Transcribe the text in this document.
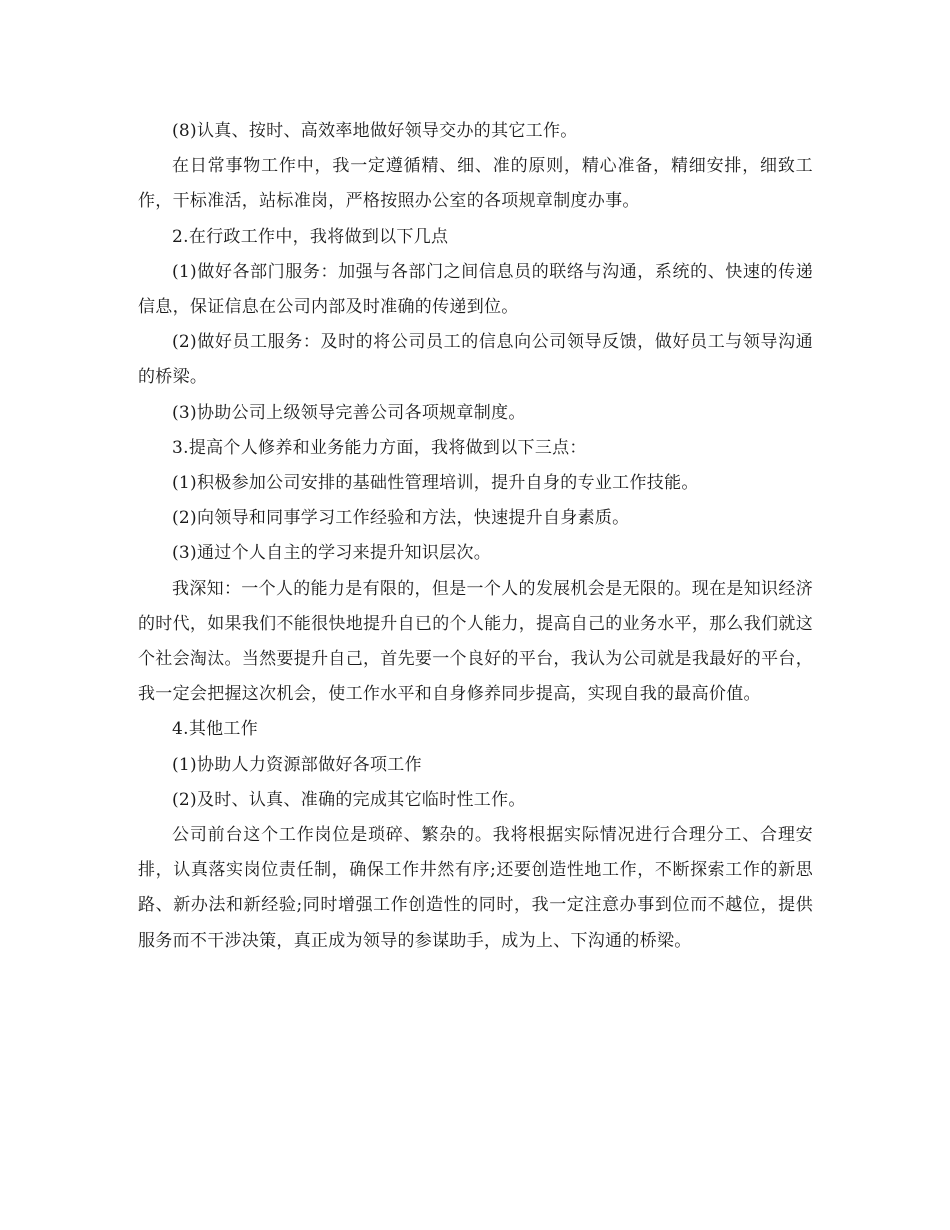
(8)认真、按时、高效率地做好领导交办的其它工作。

在日常事物工作中，我一定遵循精、细、准的原则，精心准备，精细安排，细致工作，干标准活，站标准岗，严格按照办公室的各项规章制度办事。

2.在行政工作中，我将做到以下几点

(1)做好各部门服务：加强与各部门之间信息员的联络与沟通，系统的、快速的传递信息，保证信息在公司内部及时准确的传递到位。

(2)做好员工服务：及时的将公司员工的信息向公司领导反馈，做好员工与领导沟通的桥梁。

(3)协助公司上级领导完善公司各项规章制度。

3.提高个人修养和业务能力方面，我将做到以下三点：

(1)积极参加公司安排的基础性管理培训，提升自身的专业工作技能。

(2)向领导和同事学习工作经验和方法，快速提升自身素质。

(3)通过个人自主的学习来提升知识层次。

我深知：一个人的能力是有限的，但是一个人的发展机会是无限的。现在是知识经济的时代，如果我们不能很快地提升自已的个人能力，提高自己的业务水平，那么我们就这个社会淘汰。当然要提升自己，首先要一个良好的平台，我认为公司就是我最好的平台，我一定会把握这次机会，使工作水平和自身修养同步提高，实现自我的最高价值。

4.其他工作

(1)协助人力资源部做好各项工作

(2)及时、认真、准确的完成其它临时性工作。

公司前台这个工作岗位是琐碎、繁杂的。我将根据实际情况进行合理分工、合理安排，认真落实岗位责任制，确保工作井然有序;还要创造性地工作，不断探索工作的新思路、新办法和新经验;同时增强工作创造性的同时，我一定注意办事到位而不越位，提供服务而不干涉决策，真正成为领导的参谋助手，成为上、下沟通的桥梁。
